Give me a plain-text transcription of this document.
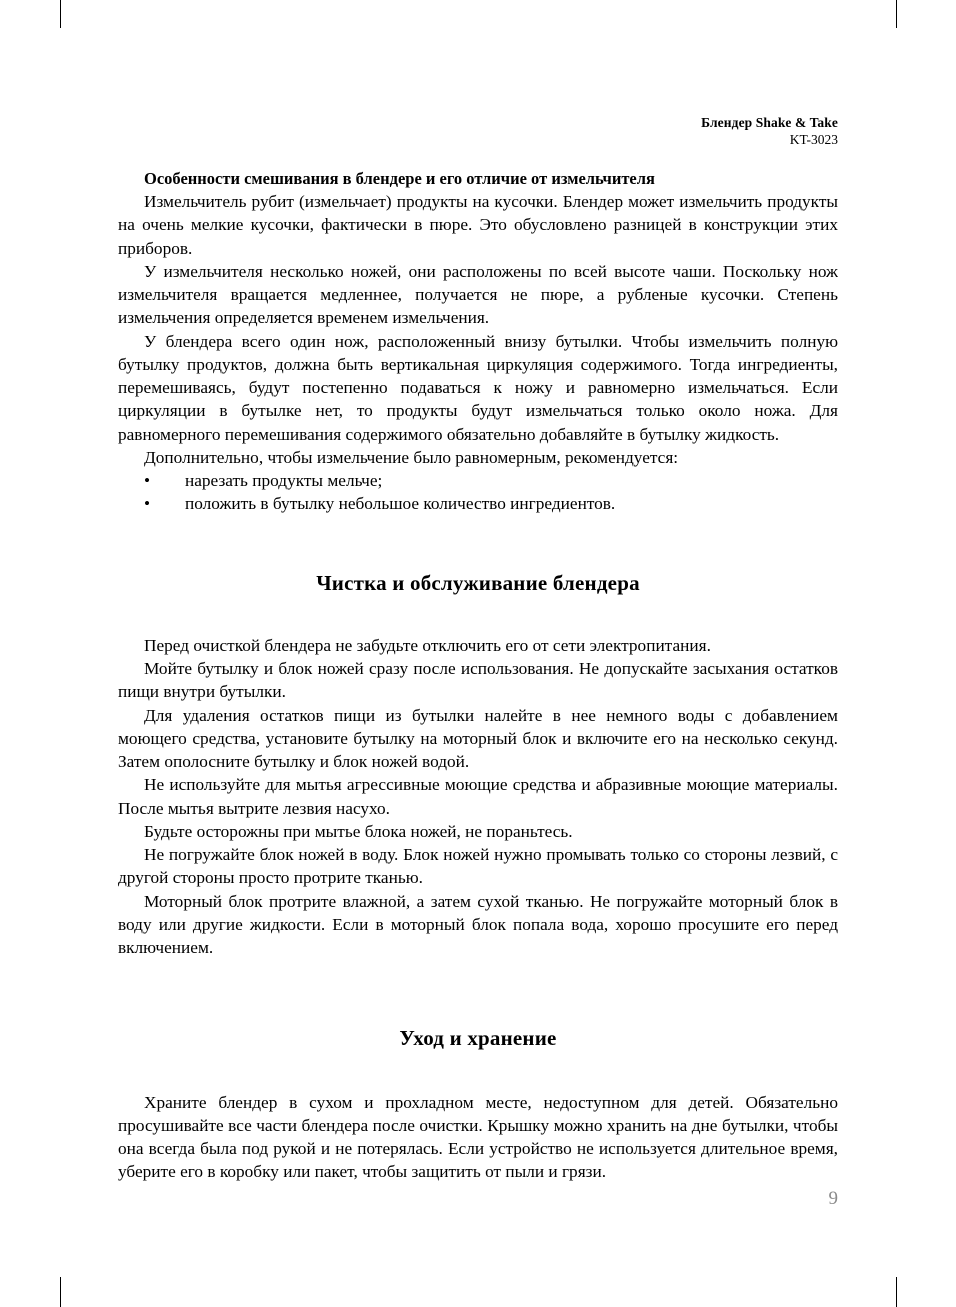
Блендер Shake & Take
KT-3023

Особенности смешивания в блендере и его отличие от измельчителя

Измельчитель рубит (измельчает) продукты на кусочки. Блендер может измельчить продукты на очень мелкие кусочки, фактически в пюре. Это обусловлено разницей в конструкции этих приборов.

У измельчителя несколько ножей, они расположены по всей высоте чаши. Поскольку нож измельчителя вращается медленнее, получается не пюре, а рубленые кусочки. Степень измельчения определяется временем измельчения.

У блендера всего один нож, расположенный внизу бутылки. Чтобы измельчить полную бутылку продуктов, должна быть вертикальная циркуляция содержимого. Тогда ингредиенты, перемешиваясь, будут постепенно подаваться к ножу и равномерно измельчаться. Если циркуляции в бутылке нет, то продукты будут измельчаться только около ножа. Для равномерного перемешивания содержимого обязательно добавляйте в бутылку жидкость.

Дополнительно, чтобы измельчение было равномерным, рекомендуется:

• нарезать продукты мельче;
• положить в бутылку небольшое количество ингредиентов.
Чистка и обслуживание блендера

Перед очисткой блендера не забудьте отключить его от сети электропитания.

Мойте бутылку и блок ножей сразу после использования. Не допускайте засыхания остатков пищи внутри бутылки.

Для удаления остатков пищи из бутылки налейте в нее немного воды с добавлением моющего средства, установите бутылку на моторный блок и включите его на несколько секунд. Затем ополосните бутылку и блок ножей водой.

Не используйте для мытья агрессивные моющие средства и абразивные моющие материалы. После мытья вытрите лезвия насухо.

Будьте осторожны при мытье блока ножей, не пораньтесь.

Не погружайте блок ножей в воду. Блок ножей нужно промывать только со стороны лезвий, с другой стороны просто протрите тканью.

Моторный блок протрите влажной, а затем сухой тканью. Не погружайте моторный блок в воду или другие жидкости. Если в моторный блок попала вода, хорошо просушите его перед включением.

Уход и хранение

Храните блендер в сухом и прохладном месте, недоступном для детей. Обязательно просушивайте все части блендера после очистки. Крышку можно хранить на дне бутылки, чтобы она всегда была под рукой и не потерялась. Если устройство не используется длительное время, уберите его в коробку или пакет, чтобы защитить от пыли и грязи.

9
